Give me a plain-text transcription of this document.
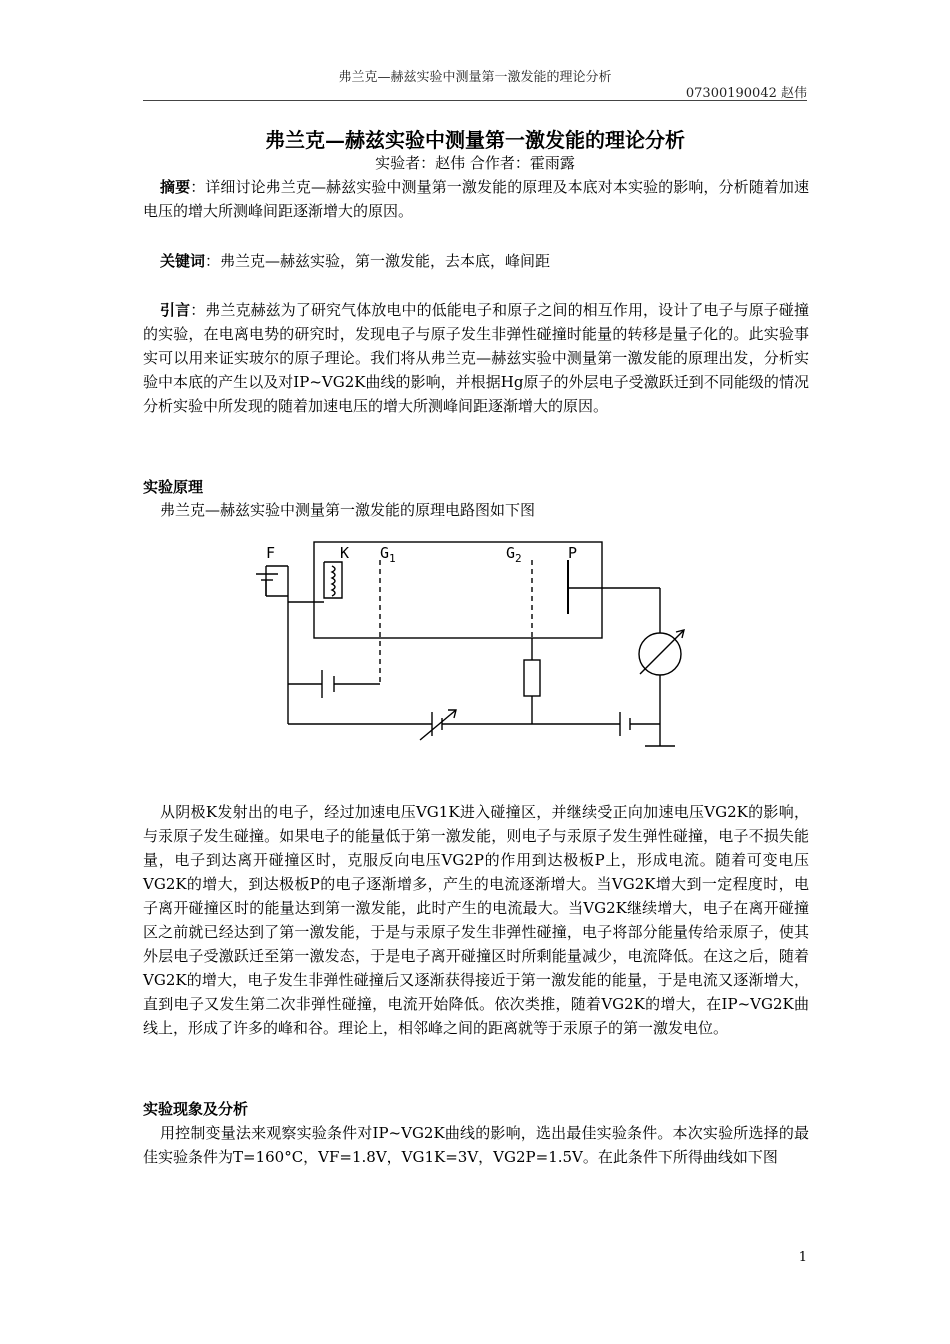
弗兰克—赫兹实验中测量第一激发能的理论分析
07300190042 赵伟
弗兰克—赫兹实验中测量第一激发能的理论分析
实验者：赵伟 合作者：霍雨露
摘要：详细讨论弗兰克—赫兹实验中测量第一激发能的原理及本底对本实验的影响，分析随着加速电压的增大所测峰间距逐渐增大的原因。
关键词：弗兰克—赫兹实验，第一激发能，去本底，峰间距
引言：弗兰克赫兹为了研究气体放电中的低能电子和原子之间的相互作用，设计了电子与原子碰撞的实验，在电离电势的研究时，发现电子与原子发生非弹性碰撞时能量的转移是量子化的。此实验事实可以用来证实玻尔的原子理论。我们将从弗兰克—赫兹实验中测量第一激发能的原理出发，分析实验中本底的产生以及对IP~VG2K曲线的影响，并根据Hg原子的外层电子受激跃迁到不同能级的情况分析实验中所发现的随着加速电压的增大所测峰间距逐渐增大的原因。
实验原理
弗兰克—赫兹实验中测量第一激发能的原理电路图如下图
F	K $G_1$	$G_2$	P
从阴极K发射出的电子，经过加速电压VG1K进入碰撞区，并继续受正向加速电压VG2K的影响，与汞原子发生碰撞。如果电子的能量低于第一激发能，则电子与汞原子发生弹性碰撞，电子不损失能量，电子到达离开碰撞区时，克服反向电压VG2P的作用到达极板P上，形成电流。随着可变电压VG2K的增大，到达极板P的电子逐渐增多，产生的电流逐渐增大。当VG2K增大到一定程度时，电子离开碰撞区时的能量达到第一激发能，此时产生的电流最大。当VG2K继续增大，电子在离开碰撞区之前就已经达到了第一激发能，于是与汞原子发生非弹性碰撞，电子将部分能量传给汞原子，使其外层电子受激跃迁至第一激发态，于是电子离开碰撞区时所剩能量减少，电流降低。在这之后，随着VG2K的增大，电子发生非弹性碰撞后又逐渐获得接近于第一激发能的能量，于是电流又逐渐增大，直到电子又发生第二次非弹性碰撞，电流开始降低。依次类推，随着VG2K的增大，在IP~VG2K曲线上，形成了许多的峰和谷。理论上，相邻峰之间的距离就等于汞原子的第一激发电位。
实验现象及分析
用控制变量法来观察实验条件对IP~VG2K曲线的影响，选出最佳实验条件。本次实验所选择的最佳实验条件为T=160°C，VF=1.8V，VG1K=3V，VG2P=1.5V。在此条件下所得曲线如下图
1
